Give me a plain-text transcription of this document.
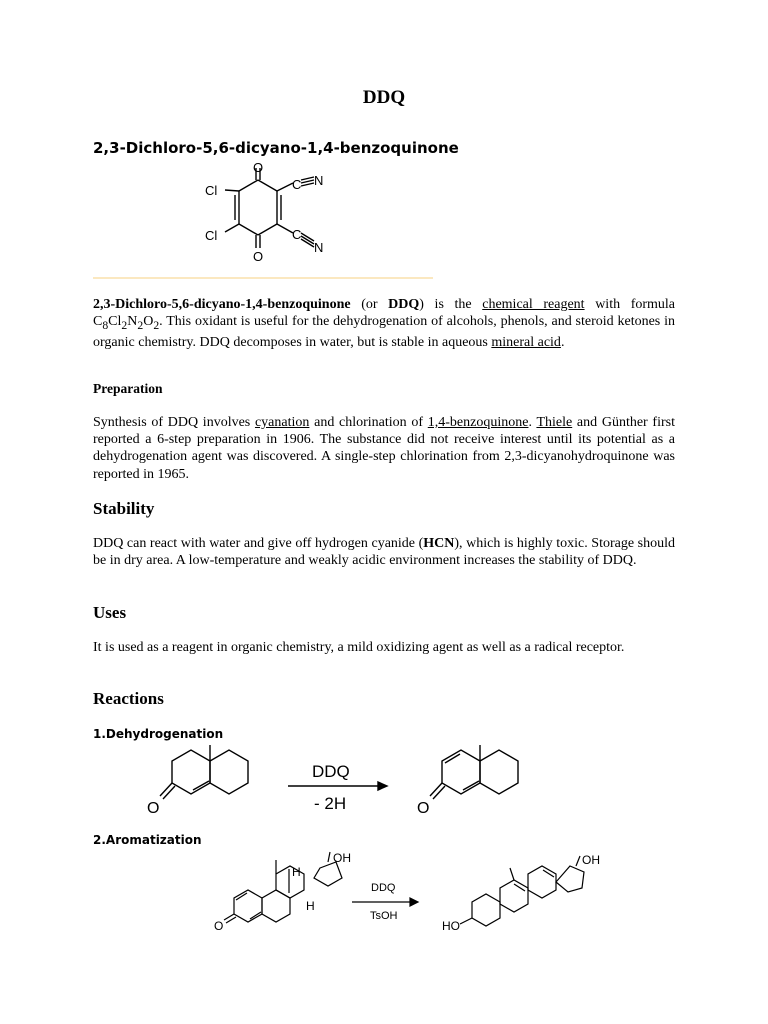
DDQ
2,3-Dichloro-5,6-dicyano-1,4-benzoquinone
O
O
Cl
Cl
C N
C
N
2,3-Dichloro-5,6-dicyano-1,4-benzoquinone (or DDQ) is the chemical reagent with formula $C_8Cl_2N_2O_2$. This oxidant is useful for the dehydrogenation of alcohols, phenols, and steroid ketones in organic chemistry. DDQ decomposes in water, but is stable in aqueous mineral acid.
Preparation
Synthesis of DDQ involves cyanation and chlorination of 1,4-benzoquinone. Thiele and Günther first reported a 6-step preparation in 1906. The substance did not receive interest until its potential as a dehydrogenation agent was discovered. A single-step chlorination from 2,3-dicyanohydroquinone was reported in 1965.
Stability
DDQ can react with water and give off hydrogen cyanide (HCN), which is highly toxic. Storage should be in dry area. A low-temperature and weakly acidic environment increases the stability of DDQ.
Uses
It is used as a reagent in organic chemistry, a mild oxidizing agent as well as a radical receptor.
Reactions
1.Dehydrogenation
O	O
DDQ
- 2H
2.Aromatization
O
OH
H
H
OH
HO
DDQ
TsOH
